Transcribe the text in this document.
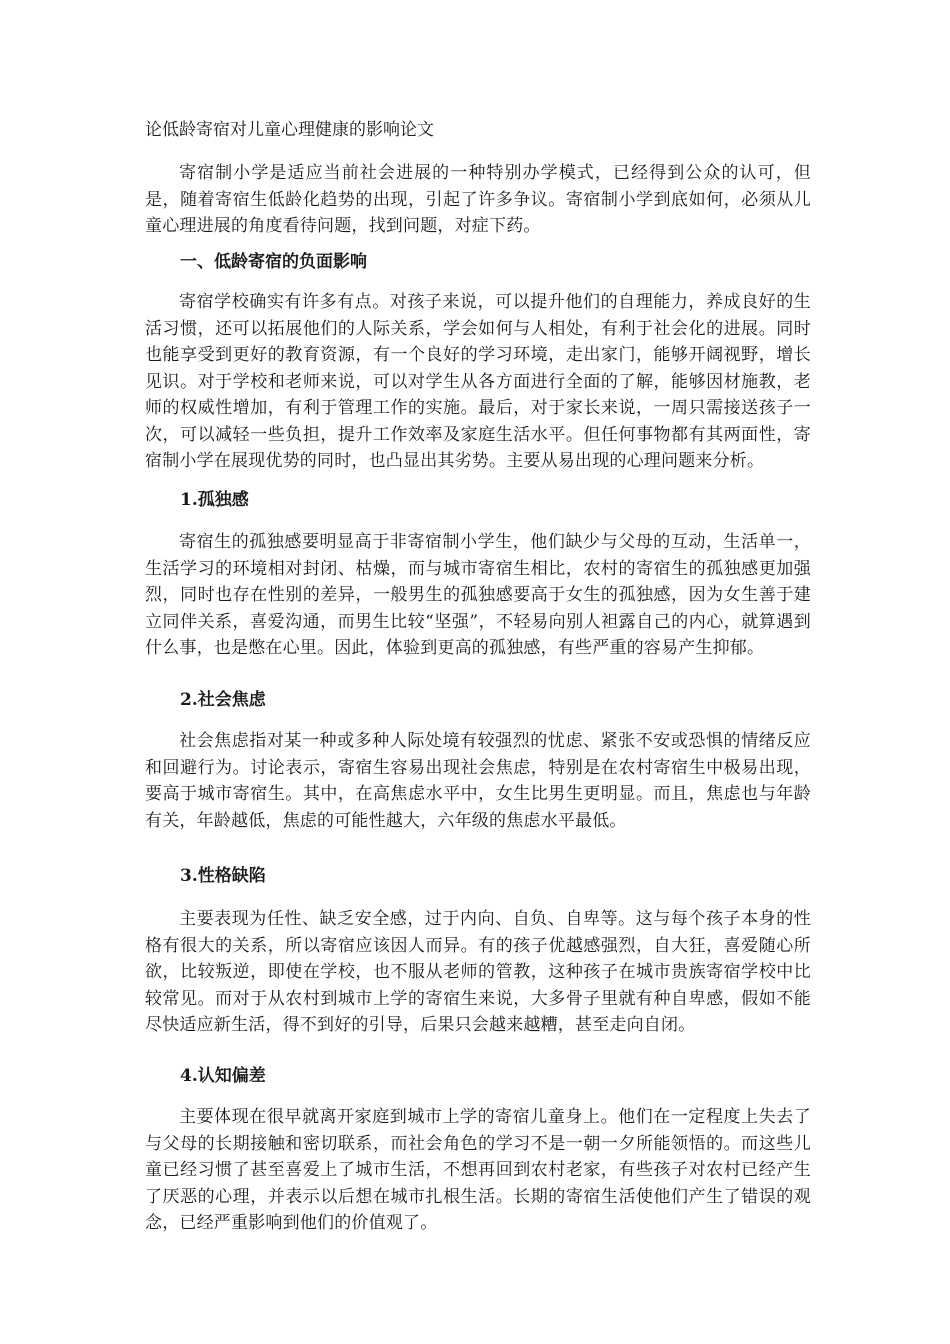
论低龄寄宿对儿童心理健康的影响论文

寄宿制小学是适应当前社会进展的一种特别办学模式，已经得到公众的认可，但是，随着寄宿生低龄化趋势的出现，引起了许多争议。寄宿制小学到底如何，必须从儿童心理进展的角度看待问题，找到问题，对症下药。

一、低龄寄宿的负面影响

寄宿学校确实有许多有点。对孩子来说，可以提升他们的自理能力，养成良好的生活习惯，还可以拓展他们的人际关系，学会如何与人相处，有利于社会化的进展。同时也能享受到更好的教育资源，有一个良好的学习环境，走出家门，能够开阔视野，增长见识。对于学校和老师来说，可以对学生从各方面进行全面的了解，能够因材施教，老师的权威性增加，有利于管理工作的实施。最后，对于家长来说，一周只需接送孩子一次，可以减轻一些负担，提升工作效率及家庭生活水平。但任何事物都有其两面性，寄宿制小学在展现优势的同时，也凸显出其劣势。主要从易出现的心理问题来分析。

1.孤独感

寄宿生的孤独感要明显高于非寄宿制小学生，他们缺少与父母的互动，生活单一，生活学习的环境相对封闭、枯燥，而与城市寄宿生相比，农村的寄宿生的孤独感更加强烈，同时也存在性别的差异，一般男生的孤独感要高于女生的孤独感，因为女生善于建立同伴关系，喜爱沟通，而男生比较“坚强”，不轻易向别人袒露自己的内心，就算遇到什么事，也是憋在心里。因此，体验到更高的孤独感，有些严重的容易产生抑郁。

2.社会焦虑

社会焦虑指对某一种或多种人际处境有较强烈的忧虑、紧张不安或恐惧的情绪反应和回避行为。讨论表示，寄宿生容易出现社会焦虑，特别是在农村寄宿生中极易出现，要高于城市寄宿生。其中，在高焦虑水平中，女生比男生更明显。而且，焦虑也与年龄有关，年龄越低，焦虑的可能性越大，六年级的焦虑水平最低。

3.性格缺陷

主要表现为任性、缺乏安全感，过于内向、自负、自卑等。这与每个孩子本身的性格有很大的关系，所以寄宿应该因人而异。有的孩子优越感强烈，自大狂，喜爱随心所欲，比较叛逆，即使在学校，也不服从老师的管教，这种孩子在城市贵族寄宿学校中比较常见。而对于从农村到城市上学的寄宿生来说，大多骨子里就有种自卑感，假如不能尽快适应新生活，得不到好的引导，后果只会越来越糟，甚至走向自闭。

4.认知偏差

主要体现在很早就离开家庭到城市上学的寄宿儿童身上。他们在一定程度上失去了与父母的长期接触和密切联系，而社会角色的学习不是一朝一夕所能领悟的。而这些儿童已经习惯了甚至喜爱上了城市生活，不想再回到农村老家，有些孩子对农村已经产生了厌恶的心理，并表示以后想在城市扎根生活。长期的寄宿生活使他们产生了错误的观念，已经严重影响到他们的价值观了。
